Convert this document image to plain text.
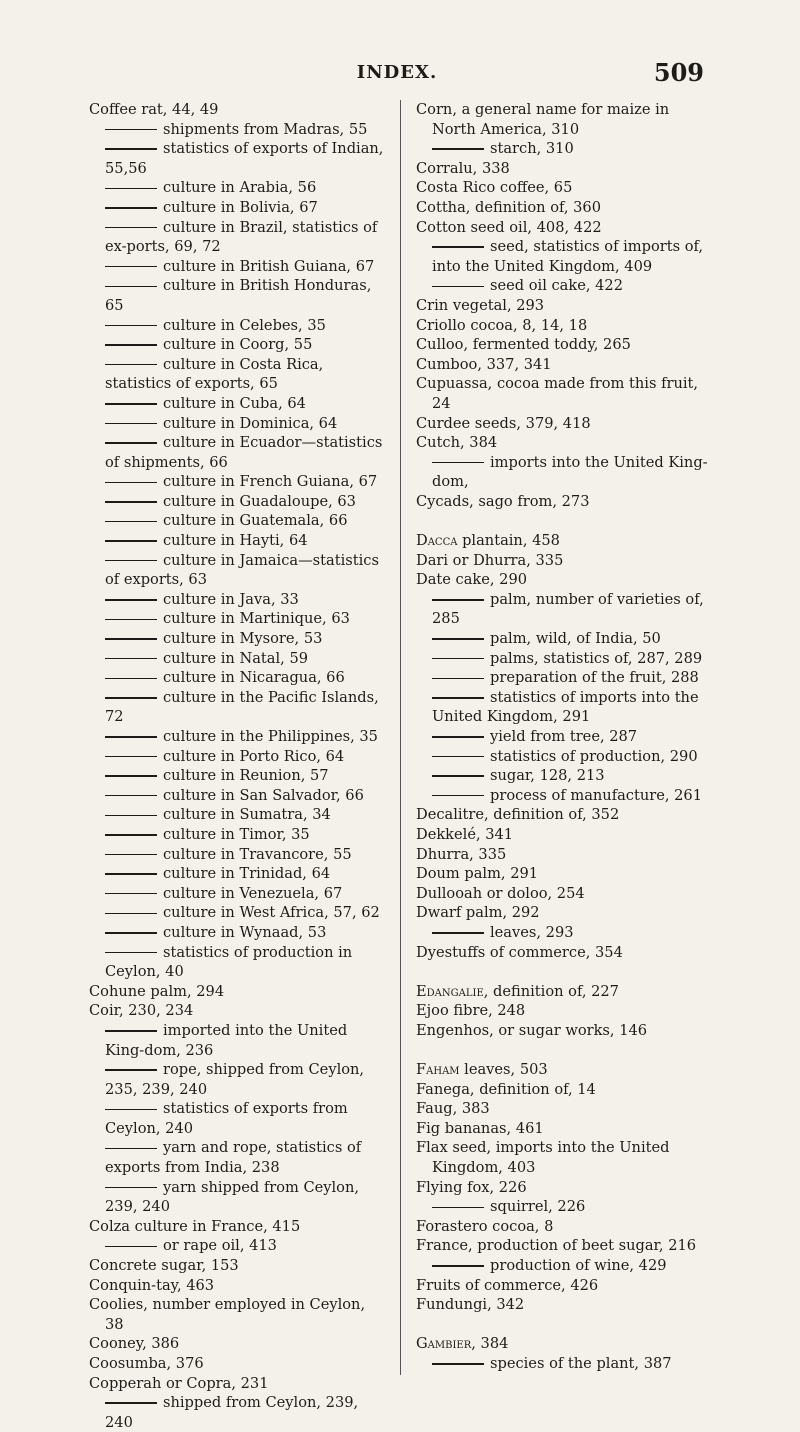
INDEX.	509
Coffee rat, 44, 49
shipments from Madras, 55
statistics of exports of Indian, 55,56
culture in Arabia, 56
culture in Bolivia, 67
culture in Brazil, statistics of ex-ports, 69, 72
culture in British Guiana, 67
culture in British Honduras, 65
culture in Celebes, 35
culture in Coorg, 55
culture in Costa Rica, statistics of exports, 65
culture in Cuba, 64
culture in Dominica, 64
culture in Ecuador—statistics of shipments, 66
culture in French Guiana, 67
culture in Guadaloupe, 63
culture in Guatemala, 66
culture in Hayti, 64
culture in Jamaica—statistics of exports, 63
culture in Java, 33
culture in Martinique, 63
culture in Mysore, 53
culture in Natal, 59
culture in Nicaragua, 66
culture in the Pacific Islands, 72
culture in the Philippines, 35
culture in Porto Rico, 64
culture in Reunion, 57
culture in San Salvador, 66
culture in Sumatra, 34
culture in Timor, 35
culture in Travancore, 55
culture in Trinidad, 64
culture in Venezuela, 67
culture in West Africa, 57, 62
culture in Wynaad, 53
statistics of production in Ceylon, 40
Cohune palm, 294
Coir, 230, 234
imported into the United King-dom, 236
rope, shipped from Ceylon, 235, 239, 240
statistics of exports from Ceylon, 240
yarn and rope, statistics of exports from India, 238
yarn shipped from Ceylon, 239, 240
Colza culture in France, 415
or rape oil, 413
Concrete sugar, 153
Conquin-tay, 463
Coolies, number employed in Ceylon, 38
Cooney, 386
Coosumba, 376
Copperah or Copra, 231
shipped from Ceylon, 239, 240
Corn, a general name for maize in North America, 310
starch, 310
Corralu, 338
Costa Rico coffee, 65
Cottha, definition of, 360
Cotton seed oil, 408, 422
seed, statistics of imports of, into the United Kingdom, 409
seed oil cake, 422
Crin vegetal, 293
Criollo cocoa, 8, 14, 18
Culloo, fermented toddy, 265
Cumboo, 337, 341
Cupuassa, cocoa made from this fruit, 24
Curdee seeds, 379, 418
Cutch, 384
imports into the United King-dom,
Cycads, sago from, 273
Dacca plantain, 458
Dari or Dhurra, 335
Date cake, 290
palm, number of varieties of, 285
palm, wild, of India, 50
palms, statistics of, 287, 289
preparation of the fruit, 288
statistics of imports into the United Kingdom, 291
yield from tree, 287
statistics of production, 290
sugar, 128, 213
process of manufacture, 261
Decalitre, definition of, 352
Dekkelé, 341
Dhurra, 335
Doum palm, 291
Dullooah or doloo, 254
Dwarf palm, 292
leaves, 293
Dyestuffs of commerce, 354
Edangalie, definition of, 227
Ejoo fibre, 248
Engenhos, or sugar works, 146
Faham leaves, 503
Fanega, definition of, 14
Faug, 383
Fig bananas, 461
Flax seed, imports into the United Kingdom, 403
Flying fox, 226
squirrel, 226
Forastero cocoa, 8
France, production of beet sugar, 216
production of wine, 429
Fruits of commerce, 426
Fundungi, 342
Gambier, 384
species of the plant, 387
